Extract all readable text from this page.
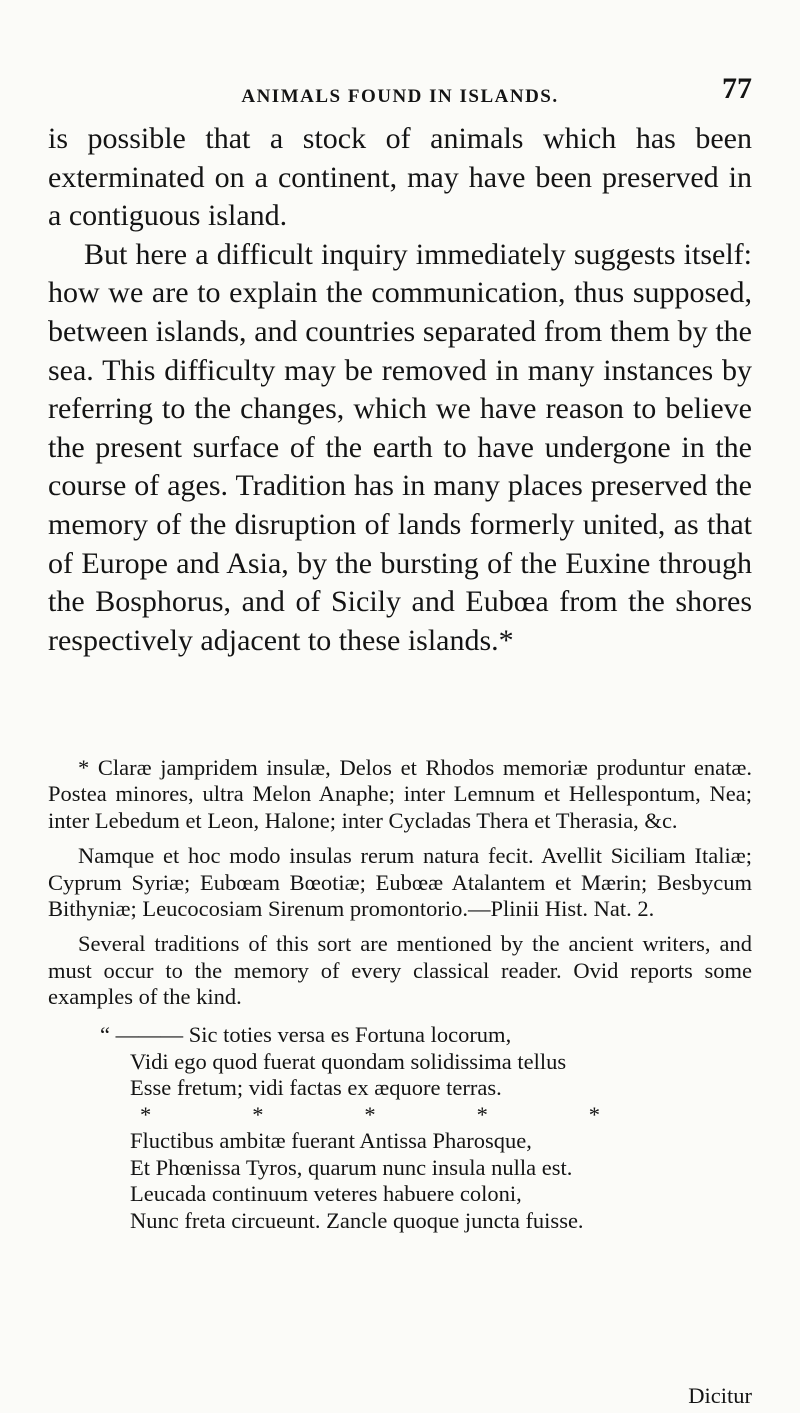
ANIMALS FOUND IN ISLANDS.	77

is possible that a stock of animals which has been exterminated on a continent, may have been preserved in a contiguous island.

But here a difficult inquiry immediately suggests itself: how we are to explain the communication, thus supposed, between islands, and countries separated from them by the sea. This difficulty may be removed in many instances by referring to the changes, which we have reason to believe the present surface of the earth to have undergone in the course of ages. Tradition has in many places preserved the memory of the disruption of lands formerly united, as that of Europe and Asia, by the bursting of the Euxine through the Bosphorus, and of Sicily and Eubœa from the shores respectively adjacent to these islands.*

* Claræ jampridem insulæ, Delos et Rhodos memoriæ produntur enatæ. Postea minores, ultra Melon Anaphe; inter Lemnum et Hellespontum, Nea; inter Lebedum et Leon, Halone; inter Cycladas Thera et Therasia, &c.

Namque et hoc modo insulas rerum natura fecit. Avellit Siciliam Italiæ; Cyprum Syriæ; Eubœam Bœotiæ; Eubœæ Atalantem et Mærin; Besbycum Bithyniæ; Leucocosiam Sirenum promontorio.—Plinii Hist. Nat. 2.

Several traditions of this sort are mentioned by the ancient writers, and must occur to the memory of every classical reader. Ovid reports some examples of the kind.

“ ——— Sic toties versa es Fortuna locorum,
Vidi ego quod fuerat quondam solidissima tellus
Esse fretum; vidi factas ex æquore terras.
*	*	*	*	*
Fluctibus ambitæ fuerant Antissa Pharosque,
Et Phœnissa Tyros, quarum nunc insula nulla est.
Leucada continuum veteres habuere coloni,
Nunc freta circueunt. Zancle quoque juncta fuisse.
Dicitur
